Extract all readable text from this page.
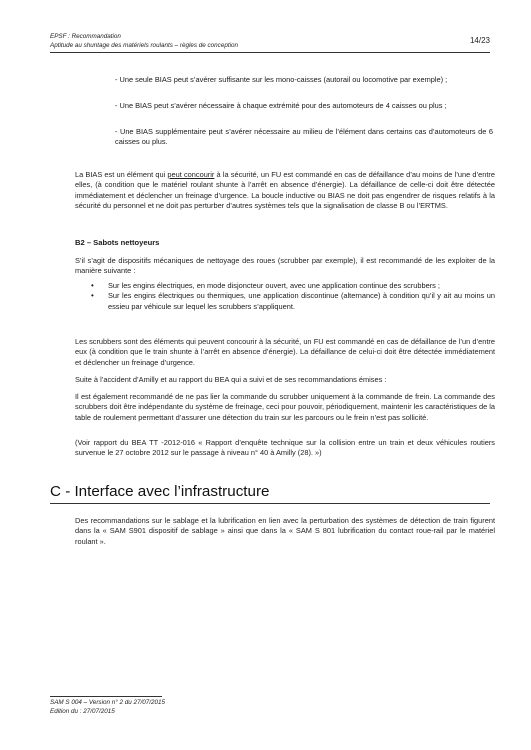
EPSF : Recommandation
Aptitude au shuntage des matériels roulants – règles de conception
14/23
- Une seule BIAS peut s’avérer suffisante sur les mono-caisses (autorail ou locomotive par exemple) ;
- Une BIAS peut s’avérer nécessaire à chaque extrémité pour des automoteurs de 4 caisses ou plus ;
- Une BIAS supplémentaire peut s’avérer nécessaire au milieu de l’élément dans certains cas d’automoteurs de 6 caisses ou plus.
La BIAS est un élément qui peut concourir à la sécurité, un FU est commandé en cas de défaillance d’au moins de l’une d’entre elles, (à condition que le matériel roulant shunte à l’arrêt en absence d’énergie). La défaillance de celle-ci doit être détectée immédiatement et déclencher un freinage d’urgence. La boucle inductive ou BIAS ne doit pas engendrer de risques relatifs à la sécurité du personnel et ne doit pas perturber d’autres systèmes tels que la signalisation de classe B ou l’ERTMS.
B2 – Sabots nettoyeurs
S’il s’agit de dispositifs mécaniques de nettoyage des roues (scrubber par exemple), il est recommandé de les exploiter de la manière suivante :
• Sur les engins électriques, en mode disjoncteur ouvert, avec une application continue des scrubbers ;
• Sur les engins électriques ou thermiques, une application discontinue (alternance) à condition qu’il y ait au moins un essieu par véhicule sur lequel les scrubbers s’appliquent.
Les scrubbers sont des éléments qui peuvent concourir à la sécurité, un FU est commandé en cas de défaillance de l’un d’entre eux (à condition que le train shunte à l’arrêt en absence d’énergie). La défaillance de celui-ci doit être détectée immédiatement et déclencher un freinage d’urgence.
Suite à l’accident d’Amilly et au rapport du BEA qui a suivi et de ses recommandations émises :
Il est également recommandé de ne pas lier la commande du scrubber uniquement à la commande de frein. La commande des scrubbers doit être indépendante du système de freinage, ceci pour pouvoir, périodiquement, maintenir les caractéristiques de la table de roulement permettant d’assurer une détection du train sur les parcours ou le frein n’est pas sollicité.
(Voir rapport du BEA TT -2012-016 « Rapport d’enquête technique sur la collision entre un train et deux véhicules routiers survenue le 27 octobre 2012 sur le passage à niveau n° 40 à Amilly (28). »)
C - Interface avec l’infrastructure
Des recommandations sur le sablage et la lubrification en lien avec la perturbation des systèmes de détection de train figurent dans la « SAM S901 dispositif de sablage » ainsi que dans la « SAM S 801 lubrification du contact roue-rail par le matériel roulant ».
SAM S 004 – Version n° 2 du 27/07/2015
Edition du : 27/07/2015
